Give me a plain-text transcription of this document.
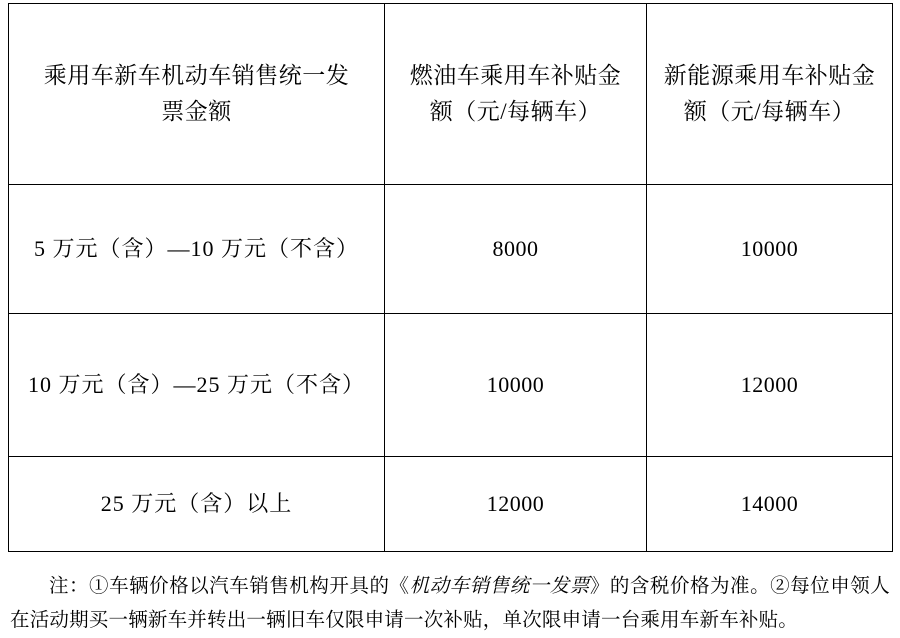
乘用车新车机动车销售统一发票金额	燃油车乘用车补贴金额（元/每辆车）	新能源乘用车补贴金额（元/每辆车）
5 万元（含）—10 万元（不含）	8000	10000
10 万元（含）—25 万元（不含）	10000	12000
25 万元（含）以上	12000	14000

注：①车辆价格以汽车销售机构开具的《机动车销售统一发票》的含税价格为准。②每位申领人在活动期买一辆新车并转出一辆旧车仅限申请一次补贴，单次限申请一台乘用车新车补贴。
